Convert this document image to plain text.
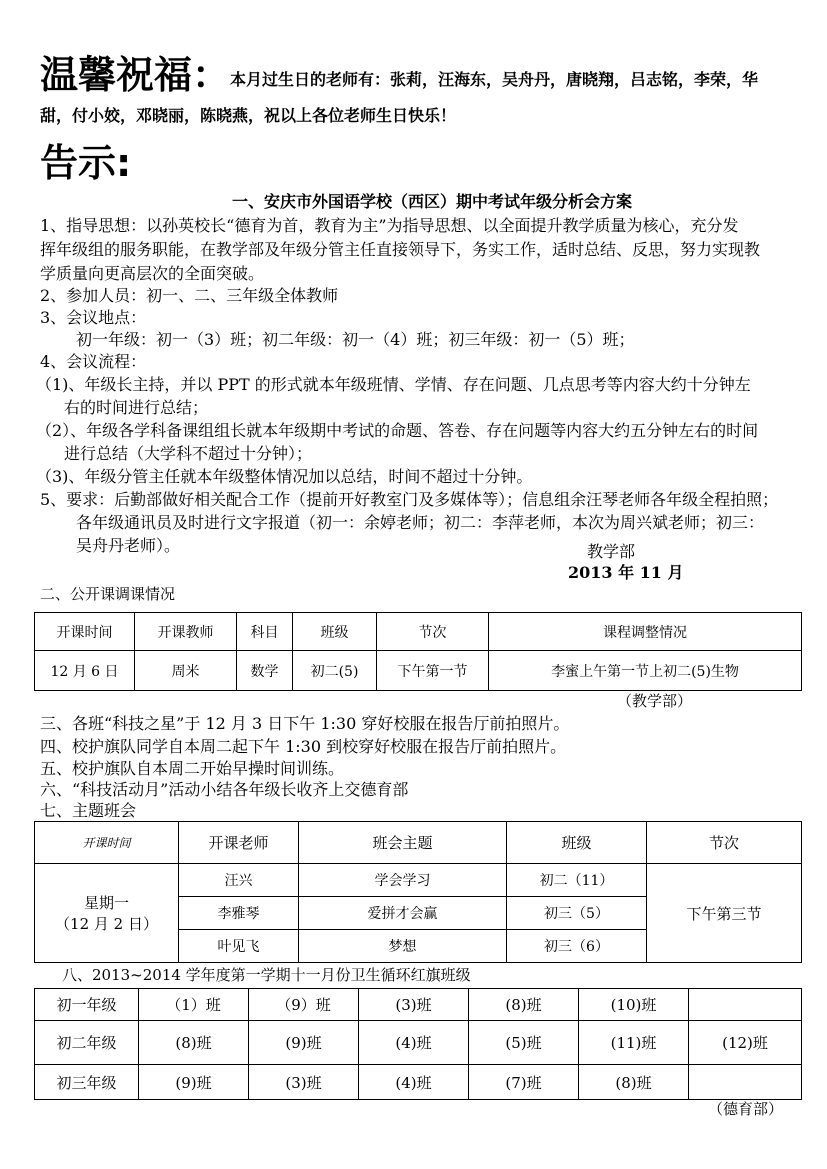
温馨祝福： 本月过生日的老师有：张莉，汪海东，吴舟丹，唐晓翔，吕志铭，李荣，华
甜，付小姣，邓晓丽，陈晓燕，祝以上各位老师生日快乐！
告示:
一、安庆市外国语学校（西区）期中考试年级分析会方案
1、指导思想：以孙英校长“德育为首，教育为主”为指导思想、以全面提升教学质量为核心，充分发
挥年级组的服务职能，在教学部及年级分管主任直接领导下，务实工作，适时总结、反思，努力实现教
学质量向更高层次的全面突破。
2、参加人员：初一、二、三年级全体教师
3、会议地点：
初一年级：初一（3）班；初二年级：初一（4）班；初三年级：初一（5）班；
4、会议流程：
（1)、年级长主持，并以 PPT 的形式就本年级班情、学情、存在问题、几点思考等内容大约十分钟左
右的时间进行总结；
（2）、年级各学科备课组组长就本年级期中考试的命题、答卷、存在问题等内容大约五分钟左右的时间
进行总结（大学科不超过十分钟）；
（3)、年级分管主任就本年级整体情况加以总结，时间不超过十分钟。
5、要求：后勤部做好相关配合工作（提前开好教室门及多媒体等）；信息组余汪琴老师各年级全程拍照；
各年级通讯员及时进行文字报道（初一：余婷老师；初二：李萍老师，本次为周兴斌老师；初三：
吴舟丹老师）。	教学部
2013 年 11 月
二、公开课调课情况
开课时间	开课教师	科目	班级	节次	课程调整情况
12 月 6 日	周米	数学	初二(5)	下午第一节	李蜜上午第一节上初二(5)生物
（教学部）
三、各班“科技之星”于 12 月 3 日下午 1:30 穿好校服在报告厅前拍照片。
四、校护旗队同学自本周二起下午 1:30 到校穿好校服在报告厅前拍照片。
五、校护旗队自本周二开始早操时间训练。
六、“科技活动月”活动小结各年级长收齐上交德育部
七、主题班会
开课时间	开课老师	班会主题	班级	节次

星期一
（12 月 2 日）	汪兴	学会学习	初二（11）	下午第三节
	李雅琴	爱拼才会赢	初三（5）	
	叶见飞	梦想	初三（6）	
八、2013~2014 学年度第一学期十一月份卫生循环红旗班级
初一年级	（1）班	（9）班	(3)班	(8)班	(10)班	
初二年级	(8)班	(9)班	(4)班	(5)班	(11)班	(12)班
初三年级	(9)班	(3)班	(4)班	(7)班	(8)班	
（德育部）
